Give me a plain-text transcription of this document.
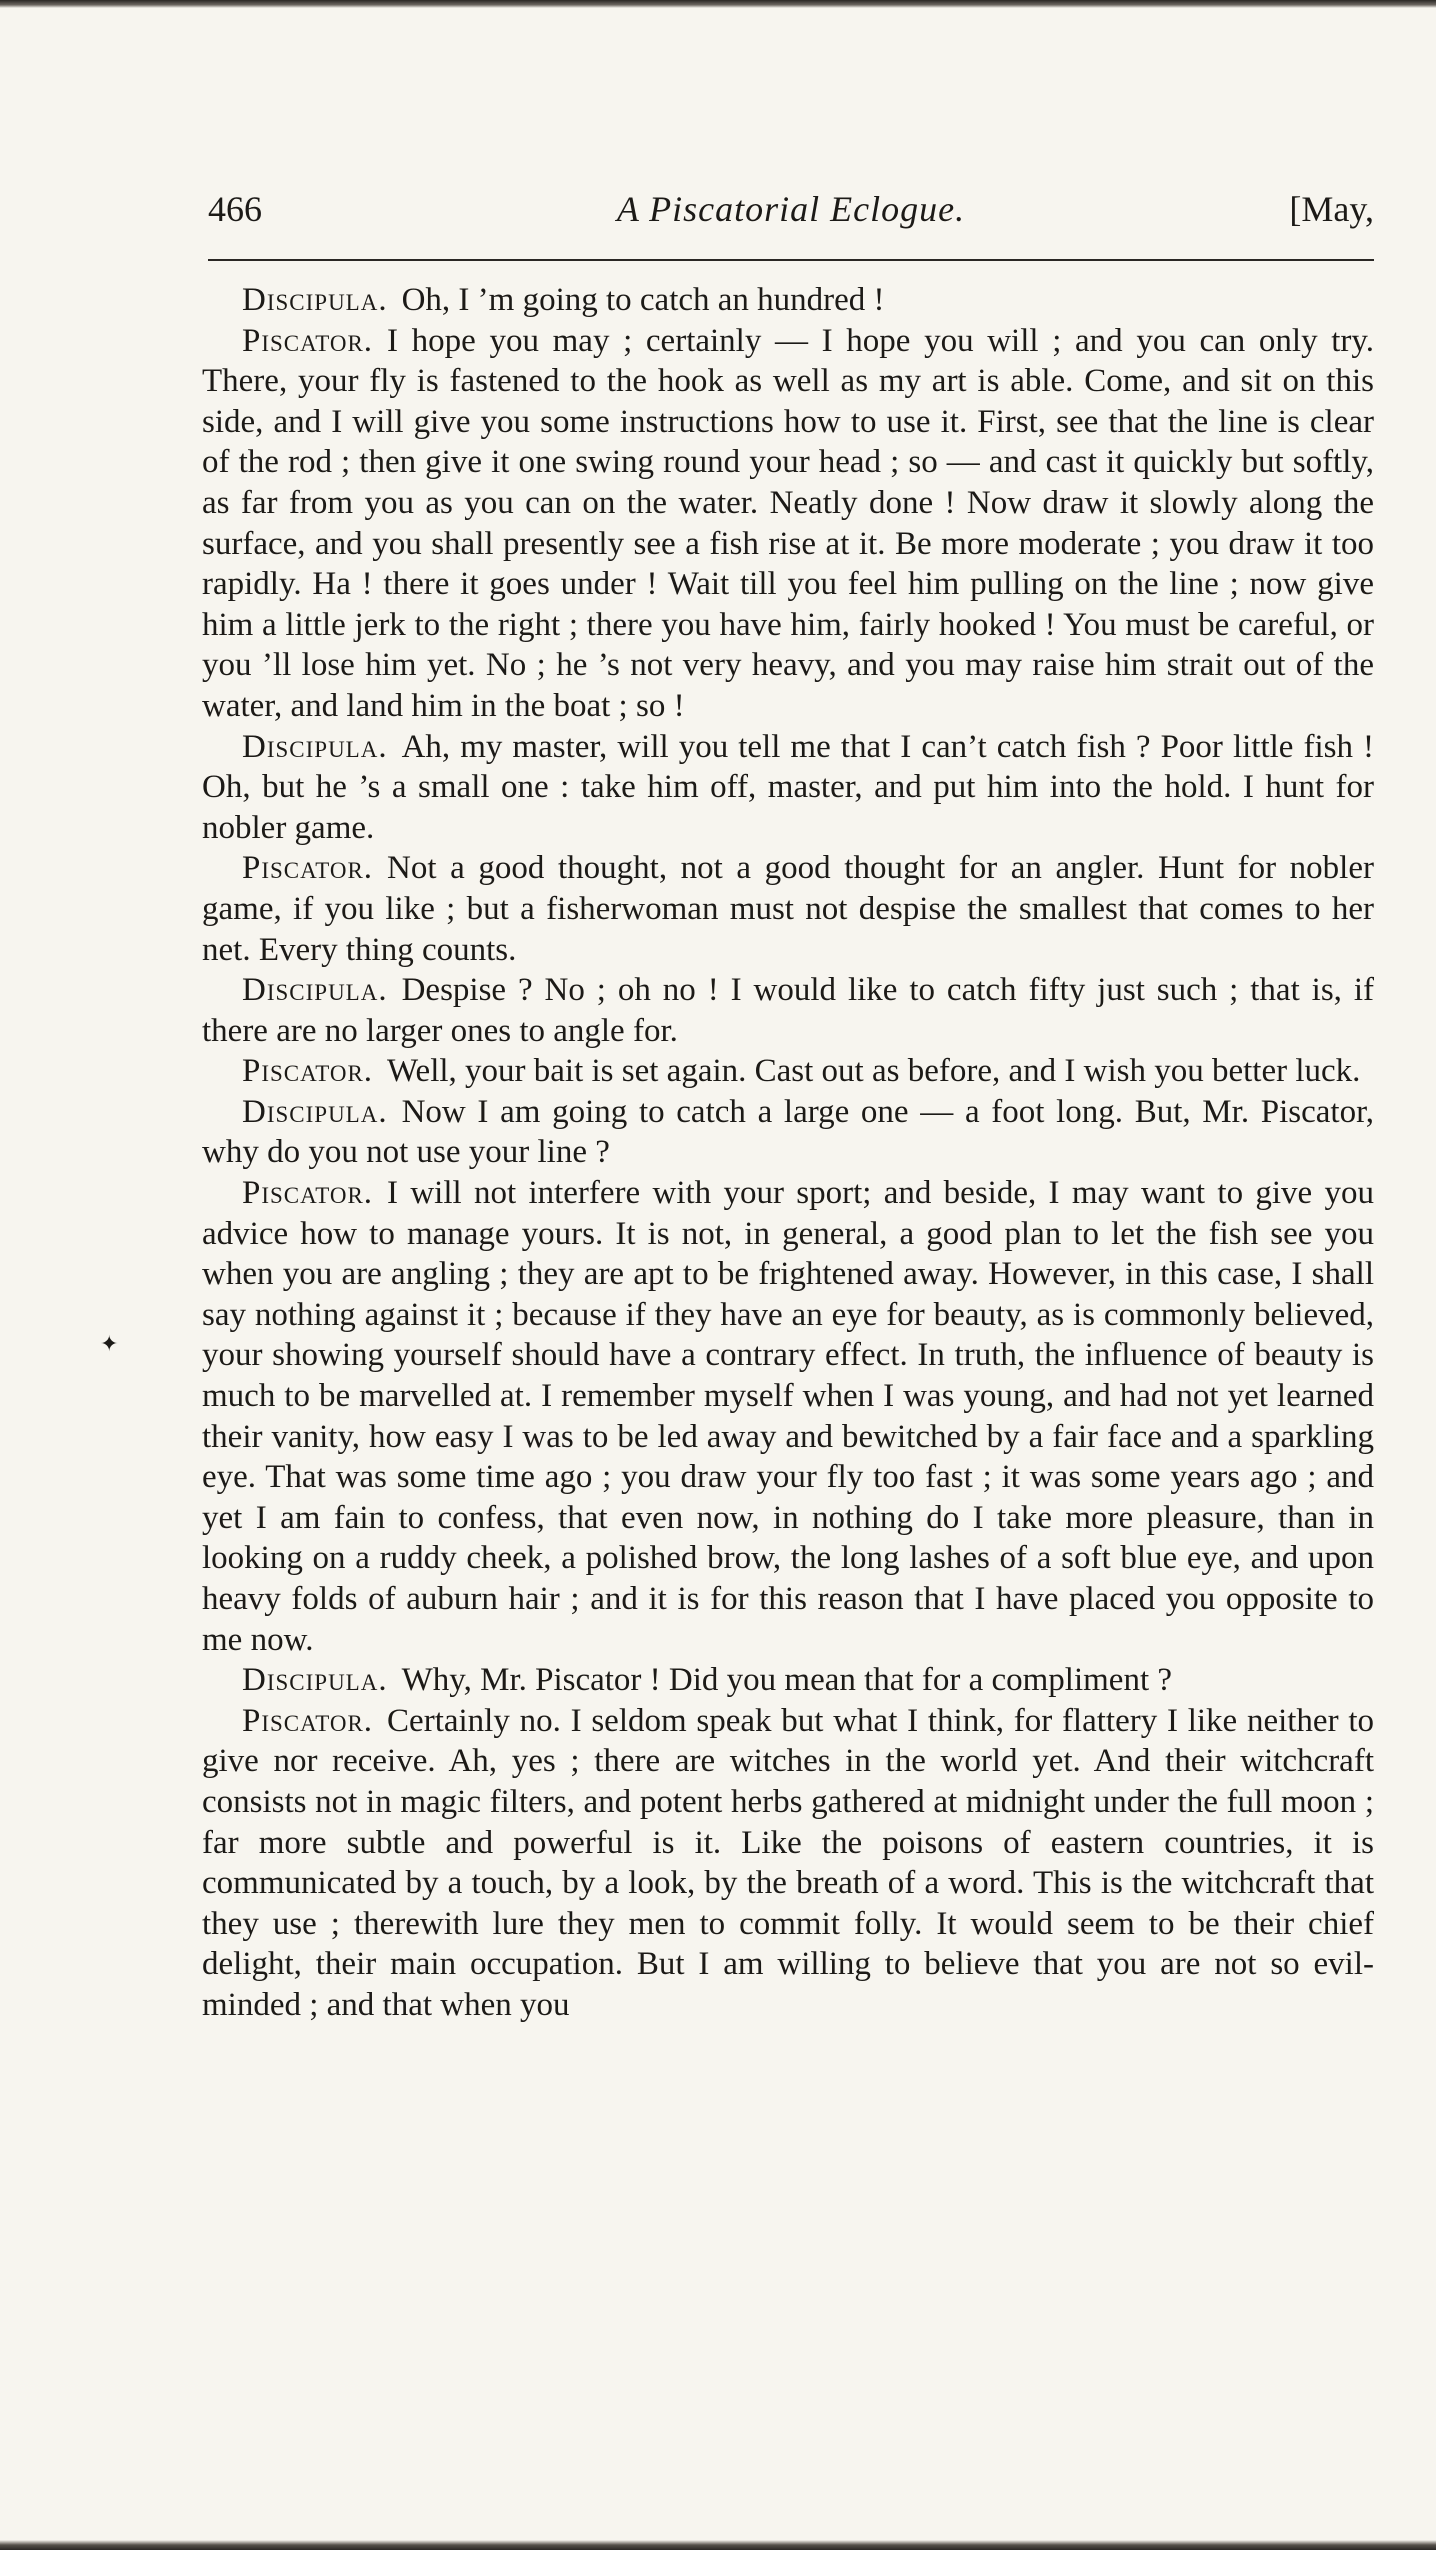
466	A Piscatorial Eclogue.	[May,
✦

Discipula. Oh, I ’m going to catch an hundred !

Piscator. I hope you may ; certainly — I hope you will ; and you can only try. There, your fly is fastened to the hook as well as my art is able. Come, and sit on this side, and I will give you some instructions how to use it. First, see that the line is clear of the rod ; then give it one swing round your head ; so — and cast it quickly but softly, as far from you as you can on the water. Neatly done ! Now draw it slowly along the surface, and you shall presently see a fish rise at it. Be more moderate ; you draw it too rapidly. Ha ! there it goes under ! Wait till you feel him pulling on the line ; now give him a little jerk to the right ; there you have him, fairly hooked ! You must be careful, or you ’ll lose him yet. No ; he ’s not very heavy, and you may raise him strait out of the water, and land him in the boat ; so !

Discipula. Ah, my master, will you tell me that I can’t catch fish ? Poor little fish ! Oh, but he ’s a small one : take him off, master, and put him into the hold. I hunt for nobler game.

Piscator. Not a good thought, not a good thought for an angler. Hunt for nobler game, if you like ; but a fisherwoman must not despise the smallest that comes to her net. Every thing counts.

Discipula. Despise ? No ; oh no ! I would like to catch fifty just such ; that is, if there are no larger ones to angle for.

Piscator. Well, your bait is set again. Cast out as before, and I wish you better luck.

Discipula. Now I am going to catch a large one — a foot long. But, Mr. Piscator, why do you not use your line ?

Piscator. I will not interfere with your sport; and beside, I may want to give you advice how to manage yours. It is not, in general, a good plan to let the fish see you when you are angling ; they are apt to be frightened away. However, in this case, I shall say nothing against it ; because if they have an eye for beauty, as is commonly believed, your showing yourself should have a contrary effect. In truth, the influence of beauty is much to be marvelled at. I remember myself when I was young, and had not yet learned their vanity, how easy I was to be led away and bewitched by a fair face and a sparkling eye. That was some time ago ; you draw your fly too fast ; it was some years ago ; and yet I am fain to confess, that even now, in nothing do I take more pleasure, than in looking on a ruddy cheek, a polished brow, the long lashes of a soft blue eye, and upon heavy folds of auburn hair ; and it is for this reason that I have placed you opposite to me now.

Discipula. Why, Mr. Piscator ! Did you mean that for a compliment ?

Piscator. Certainly no. I seldom speak but what I think, for flattery I like neither to give nor receive. Ah, yes ; there are witches in the world yet. And their witchcraft consists not in magic filters, and potent herbs gathered at midnight under the full moon ; far more subtle and powerful is it. Like the poisons of eastern countries, it is communicated by a touch, by a look, by the breath of a word. This is the witchcraft that they use ; therewith lure they men to commit folly. It would seem to be their chief delight, their main occupation. But I am willing to believe that you are not so evil-minded ; and that when you
